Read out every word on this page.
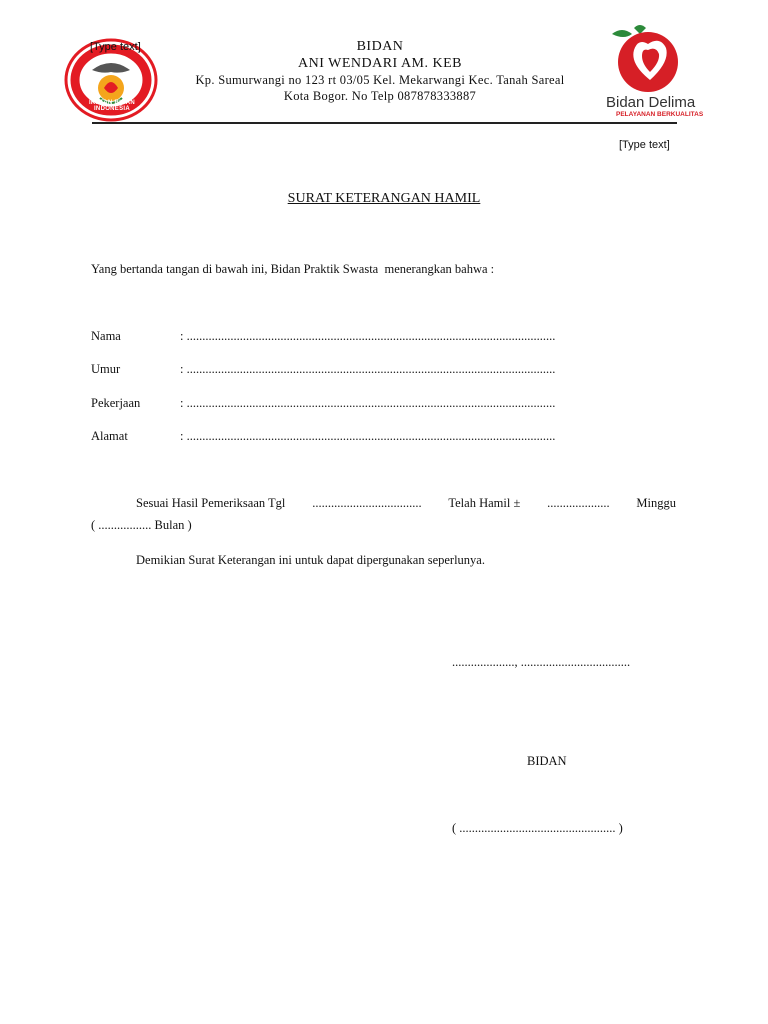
IKATAN BIDAN INDONESIA
[Type text]
Bidan Delima
PELAYANAN BERKUALITAS
BIDAN
ANI WENDARI AM. KEB
Kp. Sumurwangi no 123 rt 03/05 Kel. Mekarwangi Kec. Tanah Sareal
Kota Bogor. No Telp 087878333887
[Type text]
SURAT KETERANGAN HAMIL
Yang bertanda tangan di bawah ini, Bidan Praktik Swasta  menerangkan bahwa :
Nama	: ......................................................................................................................
Umur	: ......................................................................................................................
Pekerjaan	: ......................................................................................................................
Alamat	: ......................................................................................................................
Sesuai Hasil Pemeriksaan Tgl ................................... Telah Hamil ± .................... Minggu
( ................. Bulan )
Demikian Surat Keterangan ini untuk dapat dipergunakan seperlunya.
...................., ...................................
BIDAN
( .................................................. )
